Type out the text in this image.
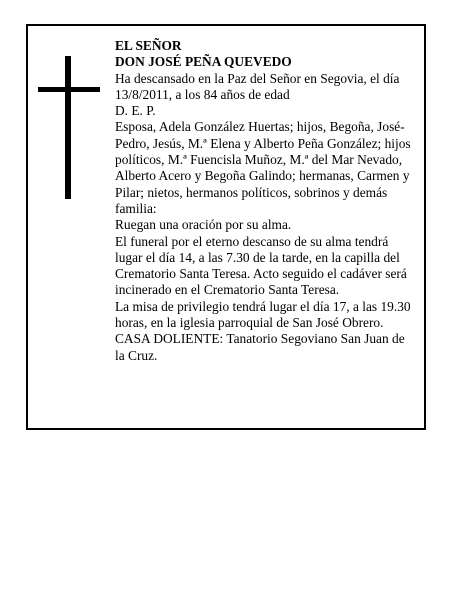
EL SEÑOR

DON JOSÉ PEÑA QUEVEDO

Ha descansado en la Paz del Señor en Segovia, el día

13/8/2011, a los 84 años de edad

D. E. P.

Esposa, Adela González Huertas; hijos, Begoña, José-

Pedro, Jesús, M.ª Elena y Alberto Peña González; hijos

políticos, M.ª Fuencisla Muñoz, M.ª del Mar Nevado,

Alberto Acero y Begoña Galindo; hermanas, Carmen y

Pilar; nietos, hermanos políticos, sobrinos y demás

familia:

Ruegan una oración por su alma.

El funeral por el eterno descanso de su alma tendrá

lugar el día 14, a las 7.30 de la tarde, en la capilla del

Crematorio Santa Teresa. Acto seguido el cadáver será

incinerado en el Crematorio Santa Teresa.

La misa de privilegio tendrá lugar el día 17, a las 19.30

horas, en la iglesia parroquial de San José Obrero.

CASA DOLIENTE: Tanatorio Segoviano San Juan de

la Cruz.
